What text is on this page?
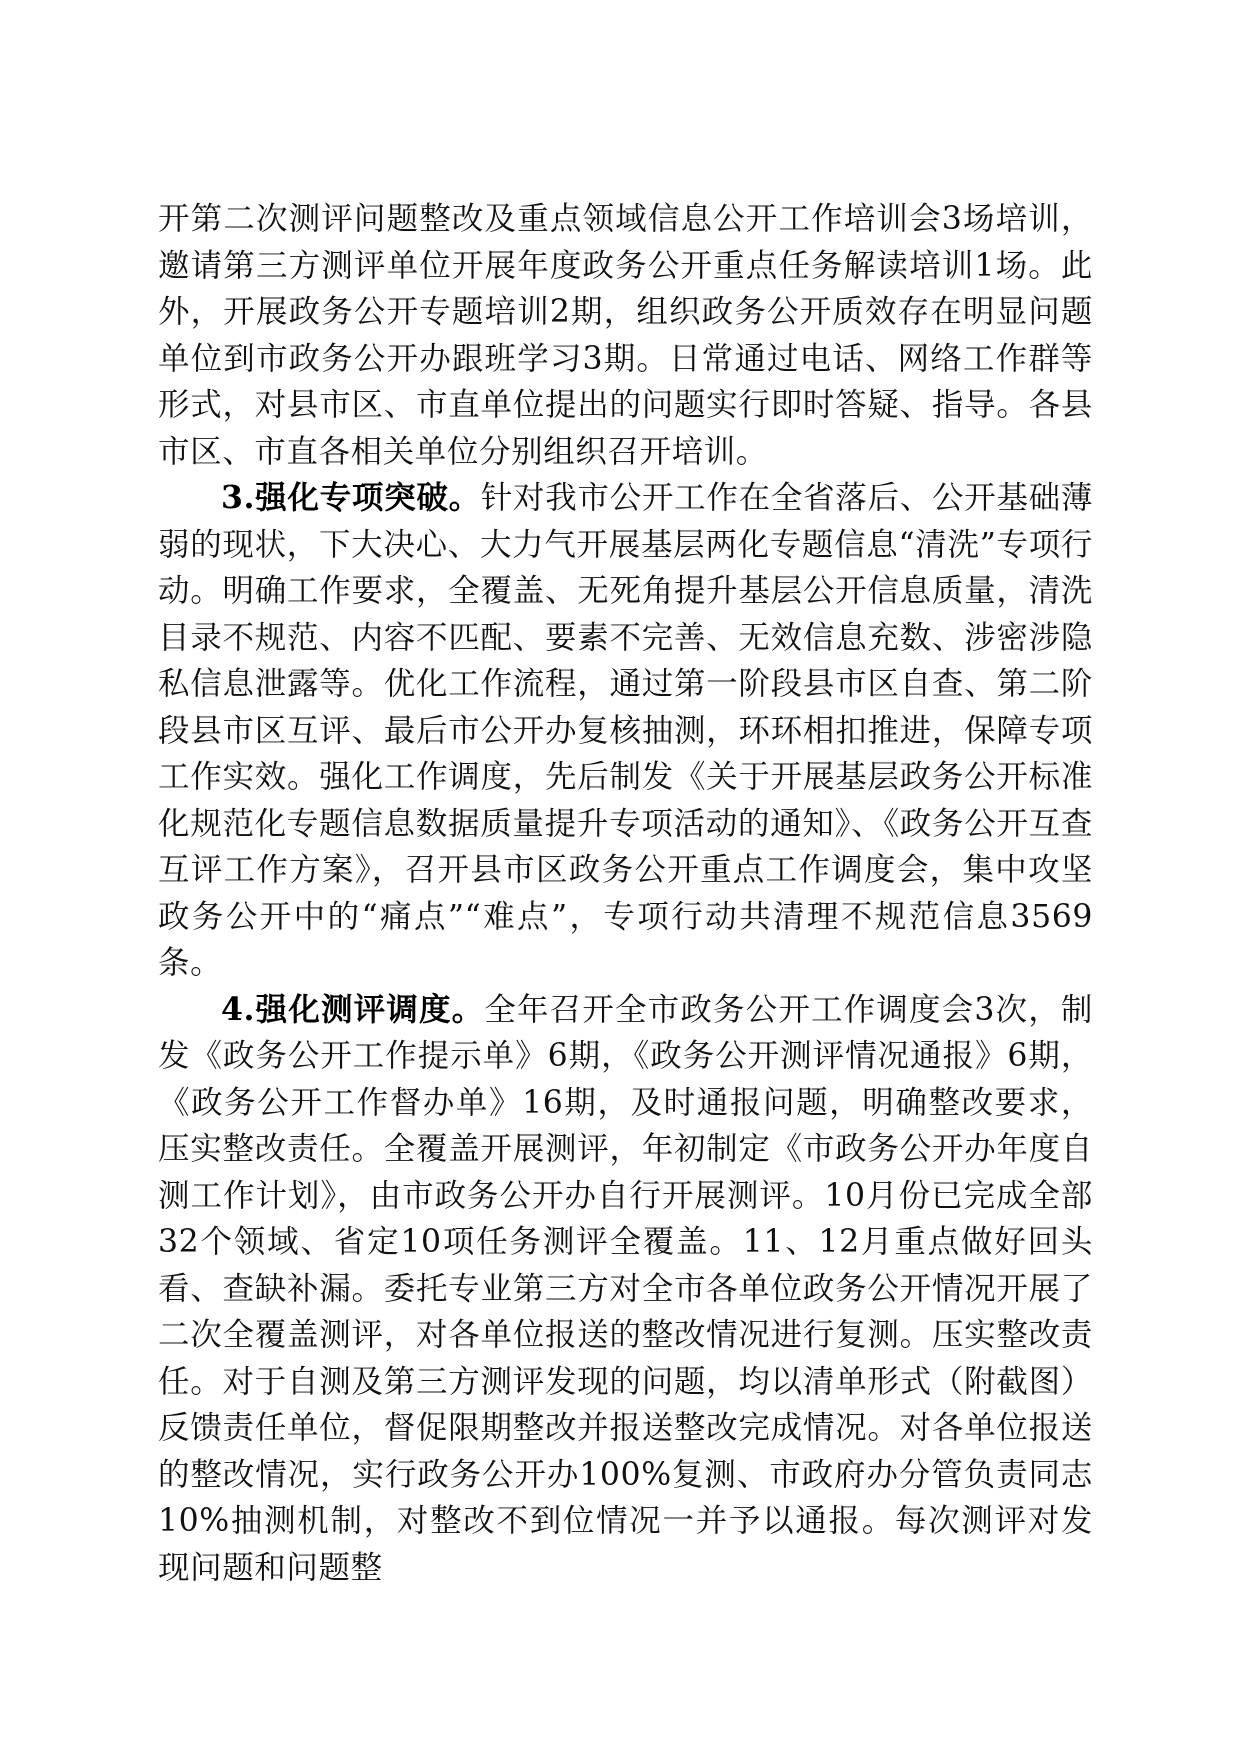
开第二次测评问题整改及重点领域信息公开工作培训会3场培训，邀请第三方测评单位开展年度政务公开重点任务解读培训1场。此外，开展政务公开专题培训2期，组织政务公开质效存在明显问题单位到市政务公开办跟班学习3期。日常通过电话、网络工作群等形式，对县市区、市直单位提出的问题实行即时答疑、指导。各县市区、市直各相关单位分别组织召开培训。

3.强化专项突破。针对我市公开工作在全省落后、公开基础薄弱的现状，下大决心、大力气开展基层两化专题信息“清洗”专项行动。明确工作要求，全覆盖、无死角提升基层公开信息质量，清洗目录不规范、内容不匹配、要素不完善、无效信息充数、涉密涉隐私信息泄露等。优化工作流程，通过第一阶段县市区自查、第二阶段县市区互评、最后市公开办复核抽测，环环相扣推进，保障专项工作实效。强化工作调度，先后制发《关于开展基层政务公开标准化规范化专题信息数据质量提升专项活动的通知》、《政务公开互查互评工作方案》，召开县市区政务公开重点工作调度会，集中攻坚政务公开中的“痛点”“难点”，专项行动共清理不规范信息3569条。

4.强化测评调度。全年召开全市政务公开工作调度会3次，制发《政务公开工作提示单》6期，《政务公开测评情况通报》6期，《政务公开工作督办单》16期，及时通报问题，明确整改要求，压实整改责任。全覆盖开展测评，年初制定《市政务公开办年度自测工作计划》，由市政务公开办自行开展测评。10月份已完成全部32个领域、省定10项任务测评全覆盖。11、12月重点做好回头看、查缺补漏。委托专业第三方对全市各单位政务公开情况开展了二次全覆盖测评，对各单位报送的整改情况进行复测。压实整改责任。对于自测及第三方测评发现的问题，均以清单形式（附截图）反馈责任单位，督促限期整改并报送整改完成情况。对各单位报送的整改情况，实行政务公开办100%复测、市政府办分管负责同志10%抽测机制，对整改不到位情况一并予以通报。每次测评对发现问题和问题整
